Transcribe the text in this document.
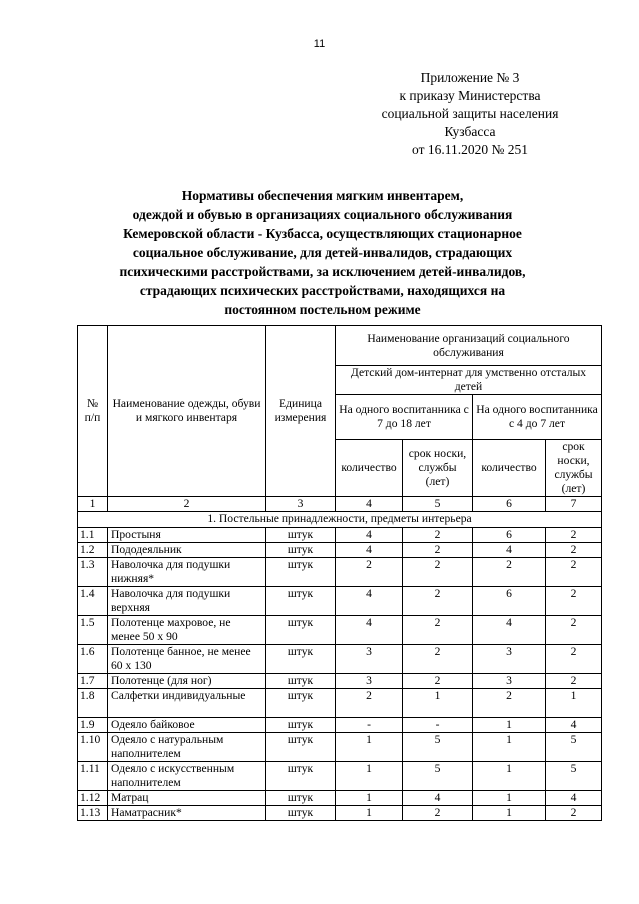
11
Приложение № 3
к приказу Министерства
социальной защиты населения
Кузбасса
от 16.11.2020 № 251
Нормативы обеспечения мягким инвентарем,
одеждой и обувью в организациях социального обслуживания
Кемеровской области - Кузбасса, осуществляющих стационарное
социальное обслуживание, для детей-инвалидов, страдающих
психическими расстройствами, за исключением детей-инвалидов,
страдающих психических расстройствами, находящихся на
постоянном постельном режиме
№ п/п	Наименование одежды, обуви и мягкого инвентаря	Единица измерения	Наименование организаций социального обслуживания			
			Детский дом-интернат для умственно отсталых детей			
			На одного воспитанника с 7 до 18 лет		На одного воспитанника с 4 до 7 лет	
			количество	срок носки, службы (лет)	количество	срок носки, службы (лет)
1	2	3	4	5	6	7
1. Постельные принадлежности, предметы интерьера						
1.1	Простыня	штук	4	2	6	2
1.2	Пододеяльник	штук	4	2	4	2
1.3	Наволочка для подушки нижняя*	штук	2	2	2	2
1.4	Наволочка для подушки верхняя	штук	4	2	6	2
1.5	Полотенце махровое, не менее 50 х 90	штук	4	2	4	2
1.6	Полотенце банное, не менее 60 х 130	штук	3	2	3	2
1.7	Полотенце (для ног)	штук	3	2	3	2
1.8	Салфетки индивидуальные	штук	2	1	2	1
1.9	Одеяло байковое	штук	-	-	1	4
1.10	Одеяло с натуральным наполнителем	штук	1	5	1	5
1.11	Одеяло с искусственным наполнителем	штук	1	5	1	5
1.12	Матрац	штук	1	4	1	4
1.13	Наматрасник*	штук	1	2	1	2
